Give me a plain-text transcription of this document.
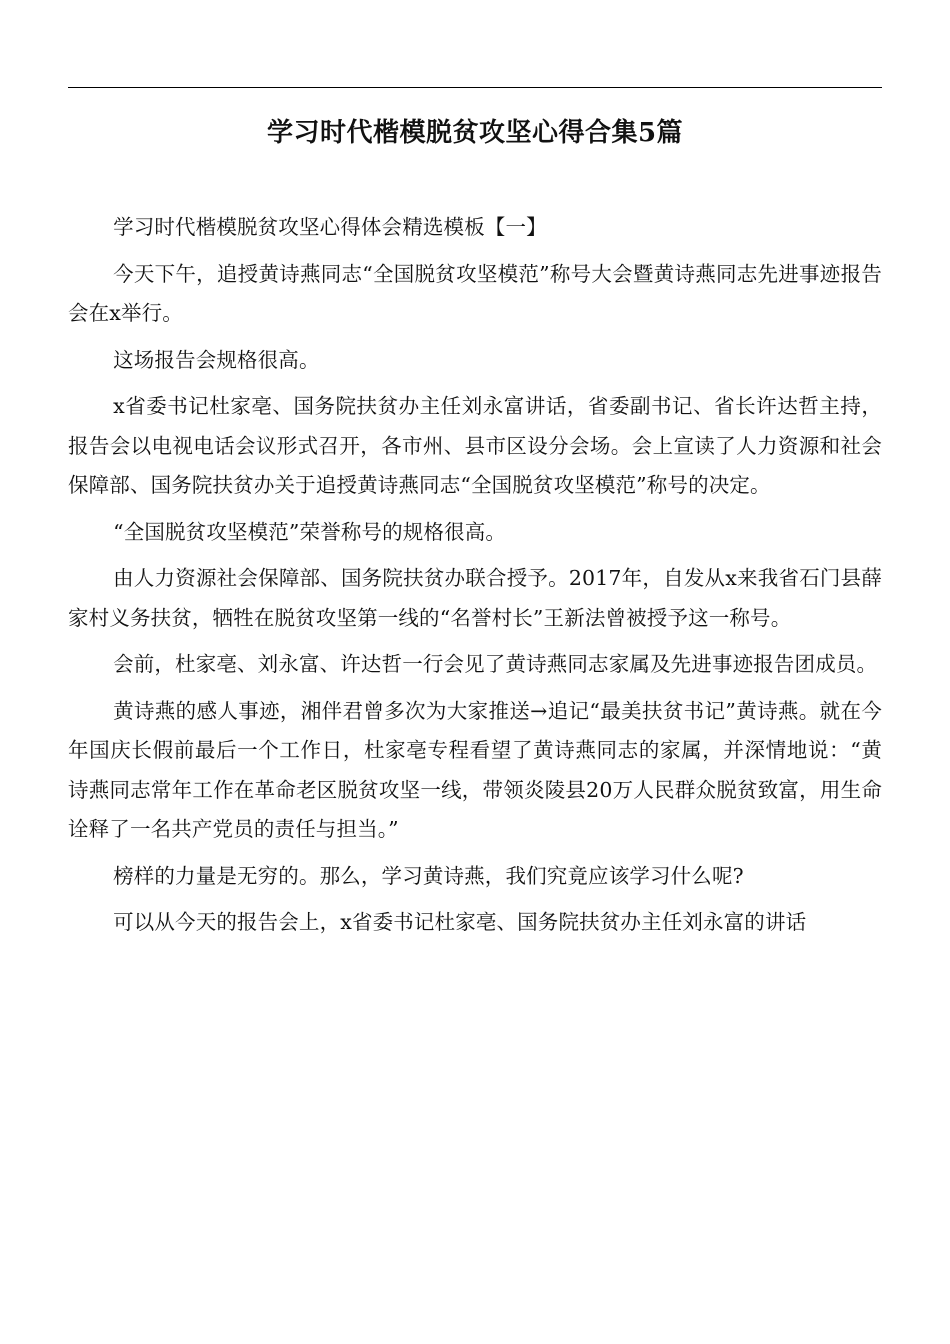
学习时代楷模脱贫攻坚心得合集5篇

学习时代楷模脱贫攻坚心得体会精选模板【一】

今天下午，追授黄诗燕同志“全国脱贫攻坚模范”称号大会暨黄诗燕同志先进事迹报告会在x举行。

这场报告会规格很高。

x省委书记杜家亳、国务院扶贫办主任刘永富讲话，省委副书记、省长许达哲主持，报告会以电视电话会议形式召开，各市州、县市区设分会场。会上宣读了人力资源和社会保障部、国务院扶贫办关于追授黄诗燕同志“全国脱贫攻坚模范”称号的决定。

“全国脱贫攻坚模范”荣誉称号的规格很高。

由人力资源社会保障部、国务院扶贫办联合授予。2017年，自发从x来我省石门县薛家村义务扶贫，牺牲在脱贫攻坚第一线的“名誉村长”王新法曾被授予这一称号。

会前，杜家亳、刘永富、许达哲一行会见了黄诗燕同志家属及先进事迹报告团成员。

黄诗燕的感人事迹，湘伴君曾多次为大家推送→追记“最美扶贫书记”黄诗燕。就在今年国庆长假前最后一个工作日，杜家亳专程看望了黄诗燕同志的家属，并深情地说：“黄诗燕同志常年工作在革命老区脱贫攻坚一线，带领炎陵县20万人民群众脱贫致富，用生命诠释了一名共产党员的责任与担当。”

榜样的力量是无穷的。那么，学习黄诗燕，我们究竟应该学习什么呢?

可以从今天的报告会上，x省委书记杜家亳、国务院扶贫办主任刘永富的讲话
